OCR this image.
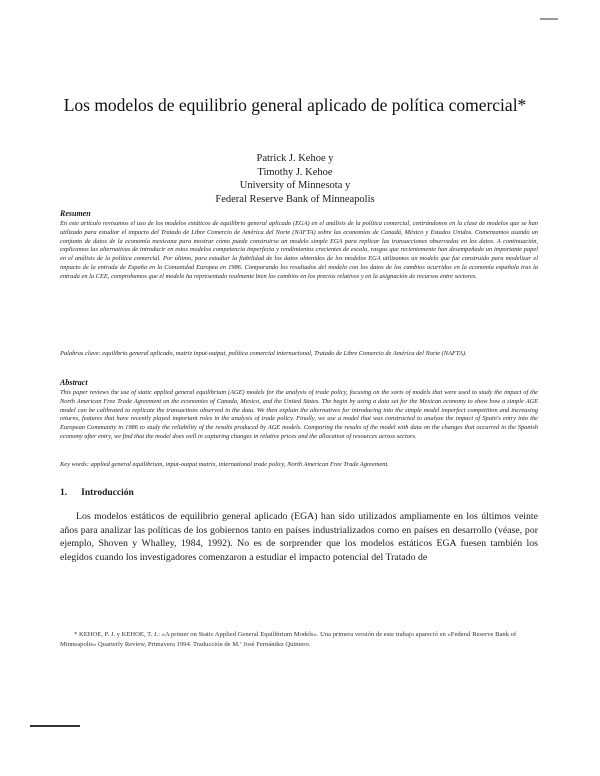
Los modelos de equilibrio general aplicado de política comercial*
Patrick J. Kehoe y
Timothy J. Kehoe
University of Minnesota y
Federal Reserve Bank of Minneapolis
Resumen
En este artículo revisamos el uso de los modelos estáticos de equilibrio general aplicado (EGA) en el análisis de la política comercial, centrándonos en la clase de modelos que se han utilizado para estudiar el impacto del Tratado de Libre Comercio de América del Norte (NAFTA) sobre las economías de Canadá, México y Estados Unidos. Comenzamos usando un conjunto de datos de la economía mexicana para mostrar cómo puede construirse un modelo simple EGA para replicar las transacciones observadas en los datos. A continuación, explicamos las alternativas de introducir en estos modelos competencia imperfecta y rendimientos crecientes de escala, rasgos que recientemente han desempeñado un importante papel en el análisis de la política comercial. Por último, para estudiar la fiabilidad de los datos obtenidos de los modelos EGA utilizamos un modelo que fue construido para modelizar el impacto de la entrada de España en la Comunidad Europea en 1986. Comparando los resultados del modelo con los datos de los cambios ocurridos en la economía española tras la entrada en la CEE, comprobamos que el modelo ha representado realmente bien los cambios en los precios relativos y en la asignación de recursos entre sectores.
Palabras clave: equilibrio general aplicado, matriz input-output, política comercial internacional, Tratado de Libre Comercio de América del Norte (NAFTA).
Abstract
This paper reviews the use of static applied general equilibrium (AGE) models for the analysis of trade policy, focusing on the sorts of models that were used to study the impact of the North American Free Trade Agreement on the economies of Canada, Mexico, and the United States. The begin by using a data set for the Mexican economy to show how a simple AGE model can be calibrated to replicate the transactions observed in the data. We then explain the alternatives for introducing into the simple model imperfect competition and increasing returns, features that have recently played important roles in the analysis of trade policy. Finally, we use a model that was constructed to analyze the impact of Spain's entry into the European Community in 1986 to study the reliability of the results produced by AGE models. Comparing the results of the model with data on the changes that occurred in the Spanish economy after entry, we find that the model does well in capturing changes in relative prices and the allocation of resources across sectors.
Key words: applied general equilibrium, input-output matrix, international trade policy, North American Free Trade Agreement.
1. Introducción
Los modelos estáticos de equilibrio general aplicado (EGA) han sido utilizados ampliamente en los últimos veinte años para analizar las políticas de los gobiernos tanto en países industrializados como en países en desarrollo (véase, por ejemplo, Shoven y Whalley, 1984, 1992). No es de sorprender que los modelos estáticos EGA fuesen también los elegidos cuando los investigadores comenzaron a estudiar el impacto potencial del Tratado de
* KEHOE, P. J. y KEHOE, T. J.: «A primer on Static Applied General Equilibrium Models». Una primera versión de este trabajo apareció en «Federal Reserve Bank of Minneapolis» Quarterly Review, Primavera 1994. Traducción de M.ª José Fernández Quintero.
